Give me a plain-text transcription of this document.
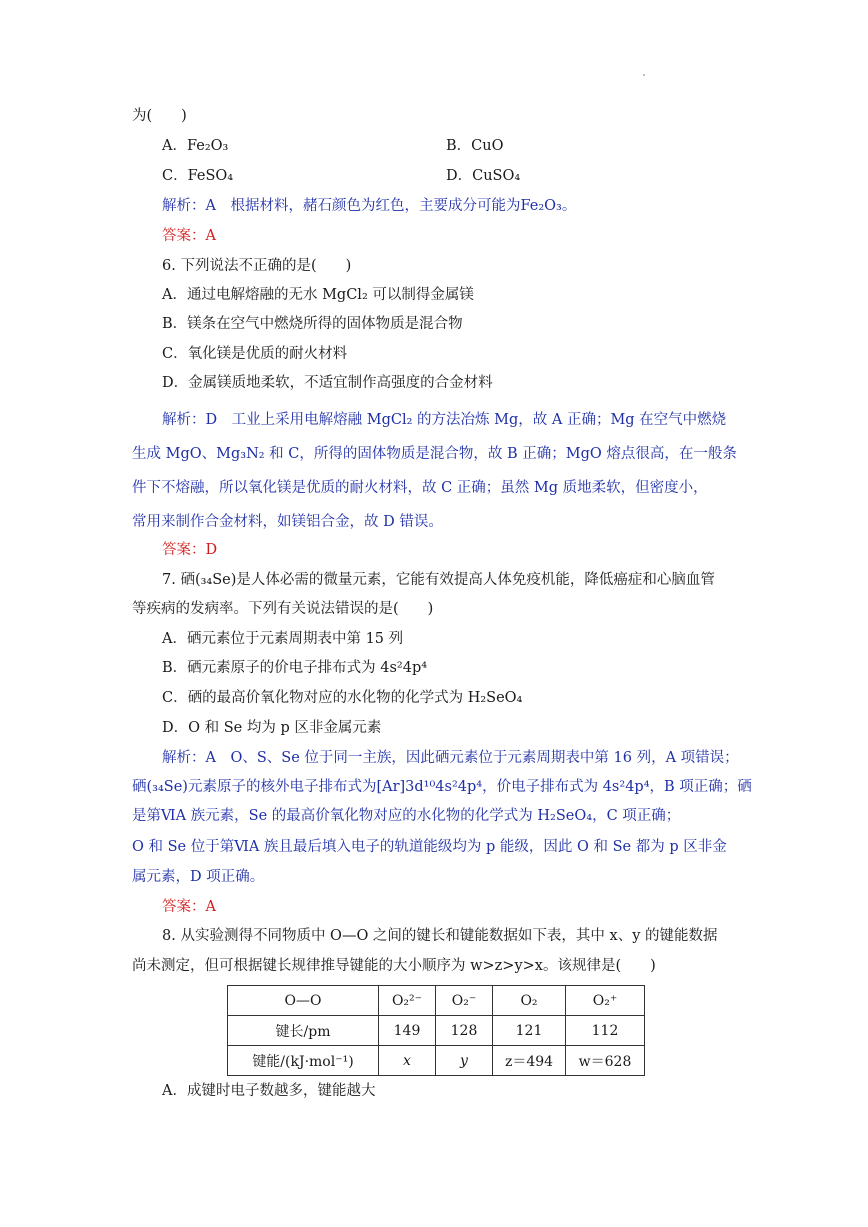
为(　　)
A．Fe₂O₃	B．CuO
C．FeSO₄	D．CuSO₄
解析：A　根据材料，赭石颜色为红色，主要成分可能为Fe₂O₃。
答案：A
6. 下列说法不正确的是(　　)
A．通过电解熔融的无水 MgCl₂ 可以制得金属镁
B．镁条在空气中燃烧所得的固体物质是混合物
C．氧化镁是优质的耐火材料
D．金属镁质地柔软，不适宜制作高强度的合金材料
解析：D　工业上采用电解熔融 MgCl₂ 的方法冶炼 Mg，故 A 正确；Mg 在空气中燃烧
生成 MgO、Mg₃N₂ 和 C，所得的固体物质是混合物，故 B 正确；MgO 熔点很高，在一般条
件下不熔融，所以氧化镁是优质的耐火材料，故 C 正确；虽然 Mg 质地柔软，但密度小，
常用来制作合金材料，如镁铝合金，故 D 错误。
答案：D
7. 硒(₃₄Se)是人体必需的微量元素，它能有效提高人体免疫机能，降低癌症和心脑血管
等疾病的发病率。下列有关说法错误的是(　　)
A．硒元素位于元素周期表中第 15 列
B．硒元素原子的价电子排布式为 4s²4p⁴
C．硒的最高价氧化物对应的水化物的化学式为 H₂SeO₄
D．O 和 Se 均为 p 区非金属元素
解析：A　O、S、Se 位于同一主族，因此硒元素位于元素周期表中第 16 列，A 项错误；
硒(₃₄Se)元素原子的核外电子排布式为[Ar]3d¹⁰4s²4p⁴，价电子排布式为 4s²4p⁴，B 项正确；硒
是第ⅥA 族元素，Se 的最高价氧化物对应的水化物的化学式为 H₂SeO₄，C 项正确；
O 和 Se 位于第ⅥA 族且最后填入电子的轨道能级均为 p 能级，因此 O 和 Se 都为 p 区非金
属元素，D 项正确。
答案：A
8. 从实验测得不同物质中 O—O 之间的键长和键能数据如下表，其中 x、y 的键能数据
尚未测定，但可根据键长规律推导键能的大小顺序为 w>z>y>x。该规律是(　　)
O—O	O₂²⁻	O₂⁻	O₂	O₂⁺
键长/pm	149	128	121	112
键能/(kJ·mol⁻¹)	x	y	z＝494	w＝628
A．成键时电子数越多，键能越大
